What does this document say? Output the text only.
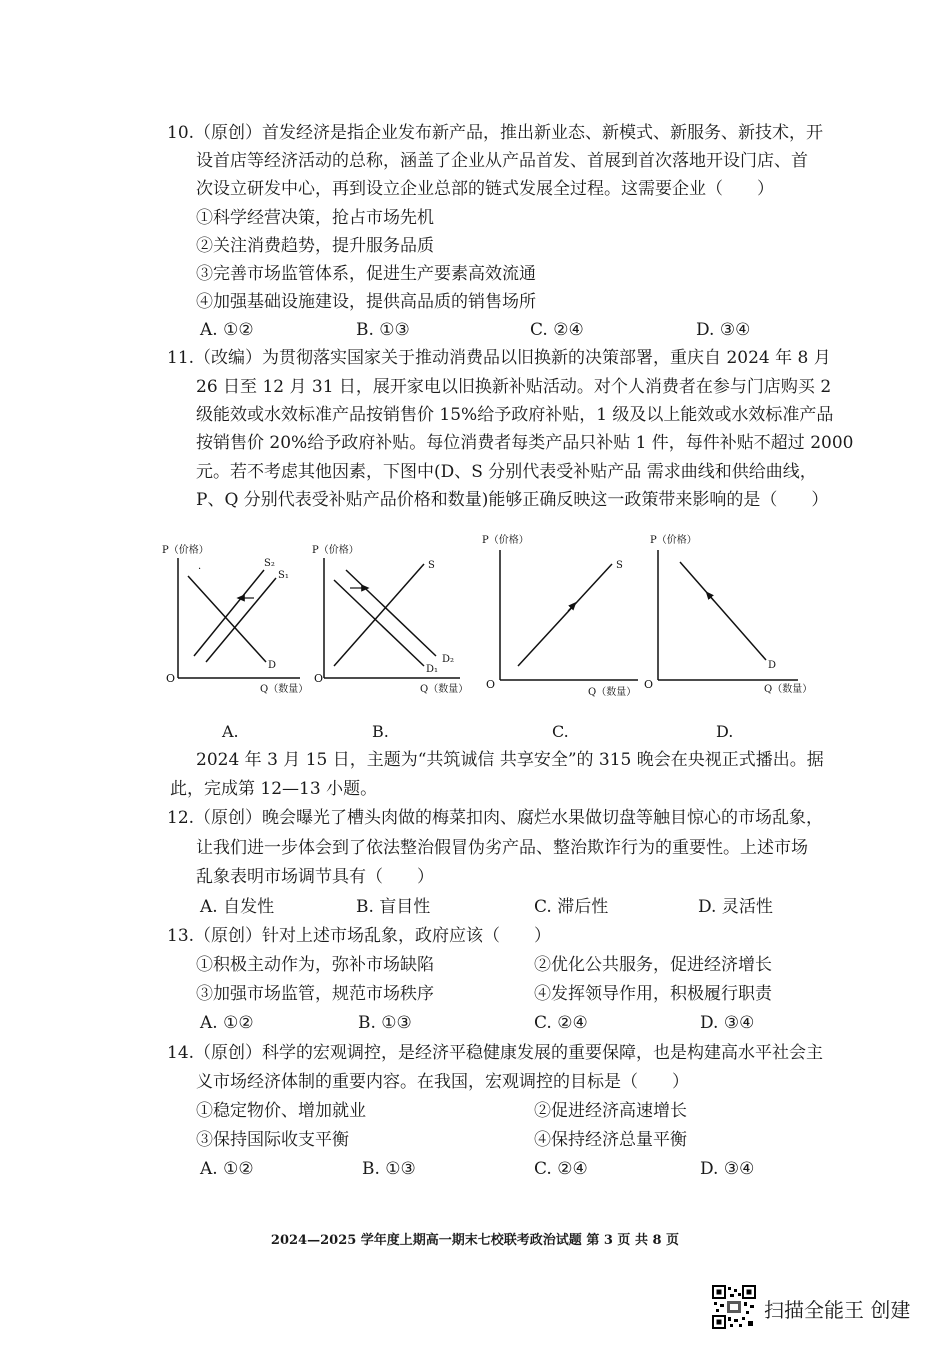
10.（原创）首发经济是指企业发布新产品，推出新业态、新模式、新服务、新技术，开
设首店等经济活动的总称，涵盖了企业从产品首发、首展到首次落地开设门店、首
次设立研发中心，再到设立企业总部的链式发展全过程。这需要企业（　　）
①科学经营决策，抢占市场先机
②关注消费趋势，提升服务品质
③完善市场监管体系，促进生产要素高效流通
④加强基础设施建设，提供高品质的销售场所
A. ①②	B. ①③	C. ②④	D. ③④
11.（改编）为贯彻落实国家关于推动消费品以旧换新的决策部署，重庆自 2024 年 8 月
26 日至 12 月 31 日，展开家电以旧换新补贴活动。对个人消费者在参与门店购买 2
级能效或水效标准产品按销售价 15%给予政府补贴，1 级及以上能效或水效标准产品
按销售价 20%给予政府补贴。每位消费者每类产品只补贴 1 件，每件补贴不超过 2000
元。若不考虑其他因素，下图中(D、S 分别代表受补贴产品 需求曲线和供给曲线，
P、Q 分别代表受补贴产品价格和数量)能够正确反映这一政策带来影响的是（　　）
P（价格）
Q（数量）
O
·
D
S₂
S₁
P（价格）
Q（数量）
O
S
D₁
D₂
P（价格）
Q（数量）
O
S
P（价格）
Q（数量）
O
D
A.	B.	C.	D.
2024 年 3 月 15 日，主题为“共筑诚信 共享安全”的 315 晚会在央视正式播出。据
此，完成第 12—13 小题。
12.（原创）晚会曝光了槽头肉做的梅菜扣肉、腐烂水果做切盘等触目惊心的市场乱象，
让我们进一步体会到了依法整治假冒伪劣产品、整治欺诈行为的重要性。上述市场
乱象表明市场调节具有（　　）
A. 自发性	B. 盲目性	C. 滞后性	D. 灵活性
13.（原创）针对上述市场乱象，政府应该（　　）
①积极主动作为，弥补市场缺陷	②优化公共服务，促进经济增长
③加强市场监管，规范市场秩序	④发挥领导作用，积极履行职责
A. ①②	B. ①③	C. ②④	D. ③④
14.（原创）科学的宏观调控，是经济平稳健康发展的重要保障，也是构建高水平社会主
义市场经济体制的重要内容。在我国，宏观调控的目标是（　　）
①稳定物价、增加就业	②促进经济高速增长
③保持国际收支平衡	④保持经济总量平衡
A. ①②	B. ①③	C. ②④	D. ③④
2024—2025 学年度上期高一期末七校联考政治试题 第 3 页 共 8 页
扫描全能王 创建
